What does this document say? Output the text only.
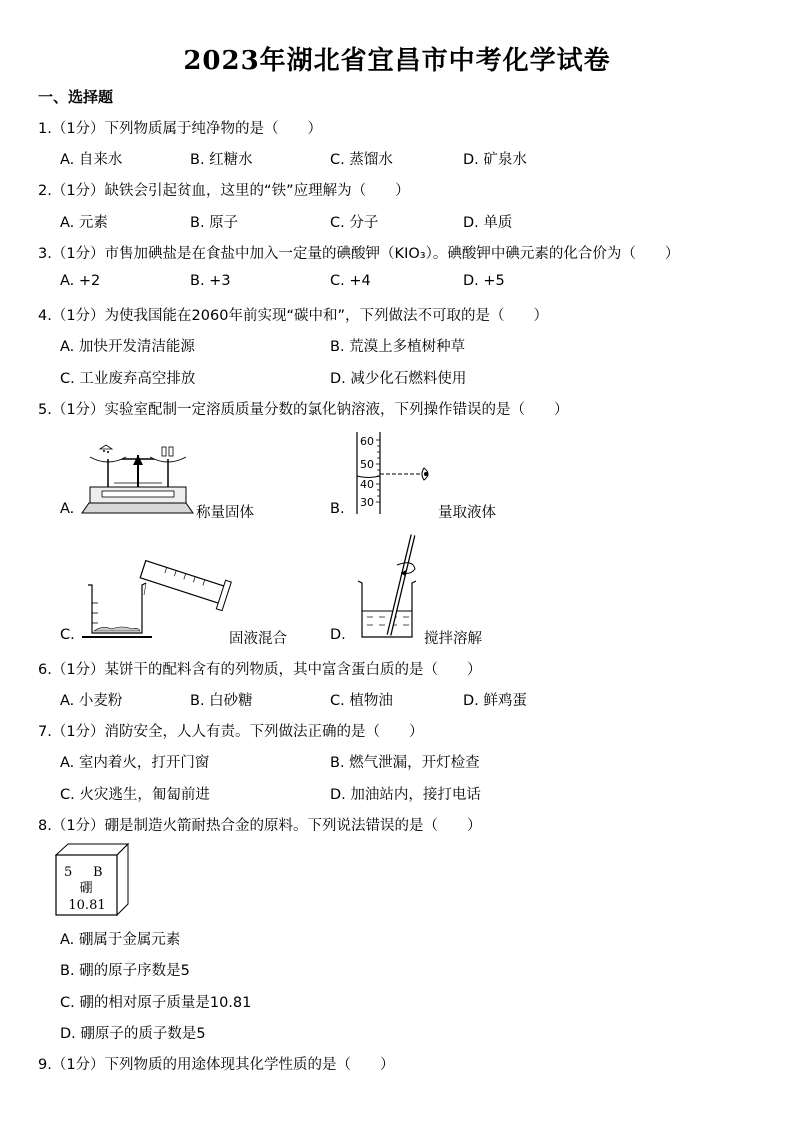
2023年湖北省宜昌市中考化学试卷
一、选择题
1.（1分）下列物质属于纯净物的是（　　）
A. 自来水	B. 红糖水	C. 蒸馏水	D. 矿泉水
2.（1分）缺铁会引起贫血，这里的“铁”应理解为（　　）
A. 元素	B. 原子	C. 分子	D. 单质
3.（1分）市售加碘盐是在食盐中加入一定量的碘酸钾（KIO₃）。碘酸钾中碘元素的化合价为（　　）
A. +2	B. +3	C. +4	D. +5
4.（1分）为使我国能在2060年前实现“碳中和”，下列做法不可取的是（　　）
A. 加快开发清洁能源	B. 荒漠上多植树种草
C. 工业废弃高空排放	D. 减少化石燃料使用
5.（1分）实验室配制一定溶质质量分数的氯化钠溶液，下列操作错误的是（　　）
A.	称量固体
60
50
40
30
B.	量取液体
C.	固液混合	D.	搅拌溶解
6.（1分）某饼干的配料含有的列物质，其中富含蛋白质的是（　　）
A. 小麦粉	B. 白砂糖	C. 植物油	D. 鲜鸡蛋
7.（1分）消防安全，人人有责。下列做法正确的是（　　）
A. 室内着火，打开门窗	B. 燃气泄漏，开灯检查
C. 火灾逃生，匍匐前进	D. 加油站内，接打电话
8.（1分）硼是制造火箭耐热合金的原料。下列说法错误的是（　　）
5 B
硼
10.81
A. 硼属于金属元素
B. 硼的原子序数是5
C. 硼的相对原子质量是10.81
D. 硼原子的质子数是5
9.（1分）下列物质的用途体现其化学性质的是（　　）
